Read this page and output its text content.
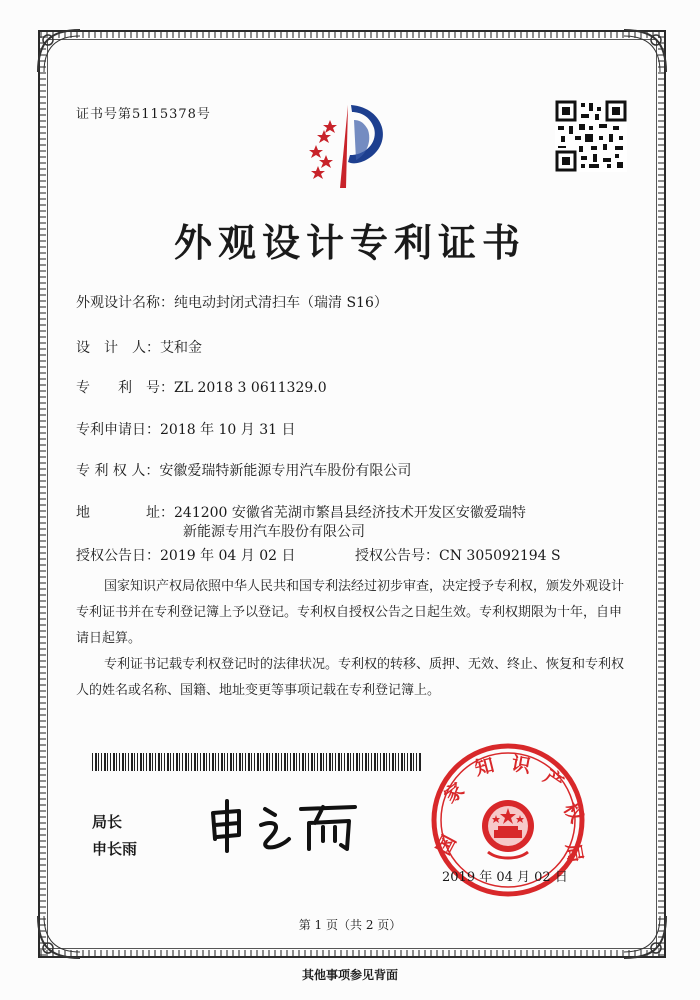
证书号第5115378号
外观设计专利证书
外观设计名称：纯电动封闭式清扫车（瑞清 S16）
设　计　人：艾和金
专　　利　号：ZL 2018 3 0611329.0
专利申请日：2018 年 10 月 31 日
专 利 权 人：安徽爱瑞特新能源专用汽车股份有限公司
地　　　　址：241200 安徽省芜湖市繁昌县经济技术开发区安徽爱瑞特
新能源专用汽车股份有限公司
授权公告日：2019 年 04 月 02 日	授权公告号：CN 305092194 S

国家知识产权局依照中华人民共和国专利法经过初步审查，决定授予专利权，颁发外观设计专利证书并在专利登记簿上予以登记。专利权自授权公告之日起生效。专利权期限为十年，自申请日起算。

专利证书记载专利权登记时的法律状况。专利权的转移、质押、无效、终止、恢复和专利权人的姓名或名称、国籍、地址变更等事项记载在专利登记簿上。

局长
申长雨	国
家
知 识
产
权
局
2019 年 04 月 02 日
第 1 页（共 2 页）
其他事项参见背面
